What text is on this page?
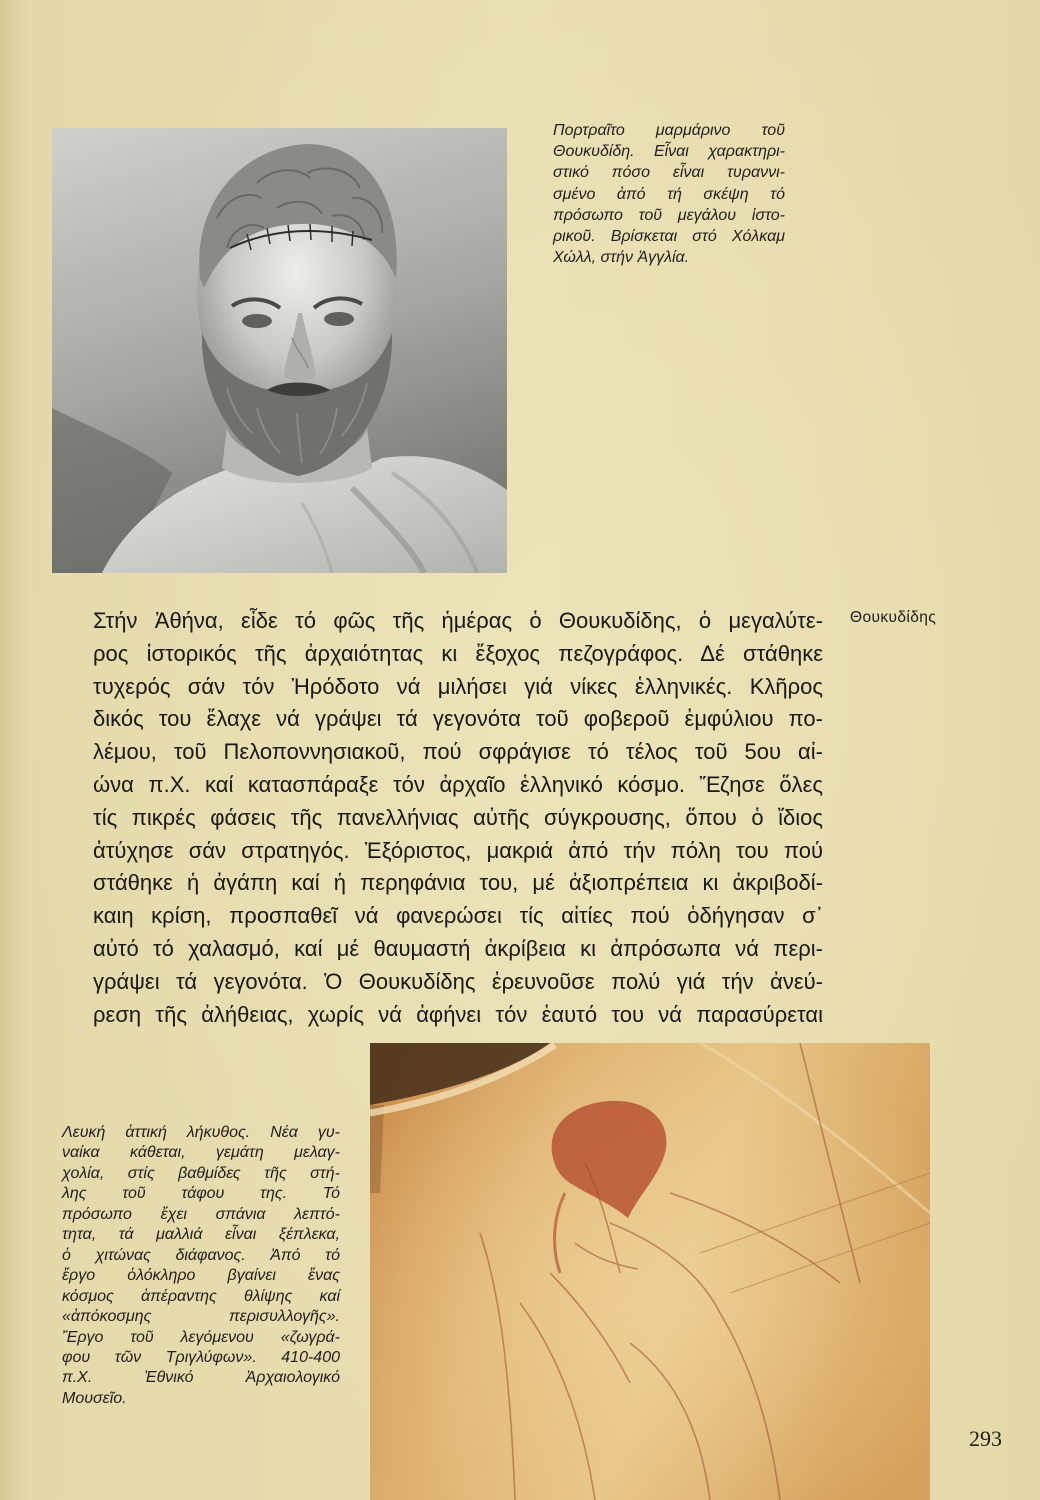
Πορτραῖτο μαρμάρινο τοῦ
Θουκυδίδη. Εἶναι χαρακτηρι-
στικό πόσο εἶναι τυραννι-
σμένο ἀπό τή σκέψη τό
πρόσωπο τοῦ μεγάλου ἱστο-
ρικοῦ. Βρίσκεται στό Χόλκαμ
Χώλλ, στήν Ἀγγλία.
Θουκυδίδης
Στήν Ἀθήνα, εἶδε τό φῶς τῆς ἡμέρας ὁ Θουκυδίδης, ὁ μεγαλύτε-
ρος ἱστορικός τῆς ἀρχαιότητας κι ἔξοχος πεζογράφος. Δέ στάθηκε
τυχερός σάν τόν Ἡρόδοτο νά μιλήσει γιά νίκες ἑλληνικές. Κλῆρος
δικός του ἔλαχε νά γράψει τά γεγονότα τοῦ φοβεροῦ ἐμφύλιου πο-
λέμου, τοῦ Πελοποννησιακοῦ, πού σφράγισε τό τέλος τοῦ 5ου αἰ-
ώνα π.Χ. καί κατασπάραξε τόν ἀρχαῖο ἑλληνικό κόσμο. Ἔζησε ὅλες
τίς πικρές φάσεις τῆς πανελλήνιας αὐτῆς σύγκρουσης, ὅπου ὁ ἴδιος
ἀτύχησε σάν στρατηγός. Ἐξόριστος, μακριά ἀπό τήν πόλη του πού
στάθηκε ἡ ἀγάπη καί ἡ περηφάνια του, μέ ἀξιοπρέπεια κι ἀκριβοδί-
καιη κρίση, προσπαθεῖ νά φανερώσει τίς αἰτίες πού ὁδήγησαν σ᾽
αὐτό τό χαλασμό, καί μέ θαυμαστή ἀκρίβεια κι ἀπρόσωπα νά περι-
γράψει τά γεγονότα. Ὁ Θουκυδίδης ἐρευνοῦσε πολύ γιά τήν ἀνεύ-
ρεση τῆς ἀλήθειας, χωρίς νά ἀφήνει τόν ἑαυτό του νά παρασύρεται
Λευκή ἀττική λήκυθος. Νέα γυ-
ναίκα κάθεται, γεμάτη μελαγ-
χολία, στίς βαθμίδες τῆς στή-
λης τοῦ τάφου της. Τό
πρόσωπο ἔχει σπάνια λεπτό-
τητα, τά μαλλιά εἶναι ξέπλεκα,
ὁ χιτώνας διάφανος. Ἀπό τό
ἔργο ὁλόκληρο βγαίνει ἕνας
κόσμος ἀπέραντης θλίψης καί
«ἀπόκοσμης περισυλλογῆς».
Ἔργο τοῦ λεγόμενου «ζωγρά-
φου τῶν Τριγλύφων». 410-400
π.Χ. Ἐθνικό Ἀρχαιολογικό
Μουσεῖο.
293
